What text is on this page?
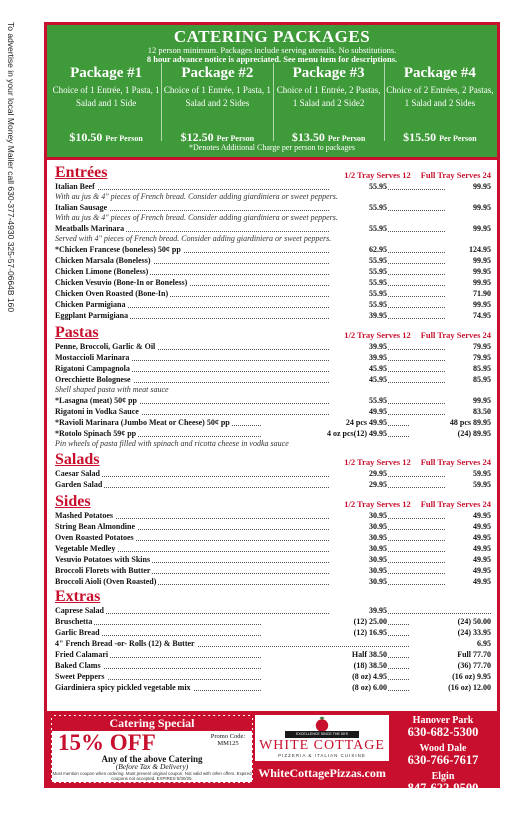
To advertise in your local Money Mailer call 630-377-4930 325-57-0664B 160	CATERING PACKAGES
12 person minimum. Packages include serving utensils. No substitutions.
8 hour advance notice is appreciated. See menu item for descriptions.
Package #1
Choice of 1 Entrée, 1 Pasta, 1 Salad and 1 Side
$10.50 Per Person
Package #2
Choice of 1 Entrée, 1 Pasta, 1 Salad and 2 Sides
$12.50 Per Person
Package #3
Choice of 1 Entrée, 2 Pastas, 1 Salad and 2 Side2
$13.50 Per Person
Package #4
Choice of 2 Entrées, 2 Pastas, 1 Salad and 2 Sides
$15.50 Per Person
*Denotes Additional Charge per person to packages
Entrées	1/2 Tray Serves 12 Full Tray Serves 24
Italian Beef	55.95	99.95
With au jus & 4" pieces of French bread. Consider adding giardiniera or sweet peppers.
Italian Sausage	55.95	99.95
With au jus & 4" pieces of French bread. Consider adding giardiniera or sweet peppers.
Meatballs Marinara	55.95	99.95
Served with 4" pieces of French bread. Consider adding giardiniera or sweet peppers.
*Chicken Francese (boneless) 50¢ pp	62.95	124.95
Chicken Marsala (Boneless)	55.95	99.95
Chicken Limone (Boneless)	55.95	99.95
Chicken Vesuvio (Bone-In or Boneless)	55.95	99.95
Chicken Oven Roasted (Bone-In)	55.95	71.90
Chicken Parmigiana	55.95	99.95
Eggplant Parmigiana	39.95	74.95
Pastas	1/2 Tray Serves 12 Full Tray Serves 24
Penne, Broccoli, Garlic & Oil	39.95	79.95
Mostaccioli Marinara	39.95	79.95
Rigatoni Campagnola	45.95	85.95
Orecchiette Bolognese	45.95	85.95
Shell shaped pasta with meat sauce
*Lasagna (meat) 50¢ pp	55.95	99.95
Rigatoni in Vodka Sauce	49.95	83.50
*Ravioli Marinara (Jumbo Meat or Cheese) 50¢ pp	24 pcs 49.95	48 pcs 89.95
*Rotolo Spinach 59¢ pp	4 oz pcs(12) 49.95	(24) 89.95
Pin wheels of pasta filled with spinach and ricotta cheese in vodka sauce
Salads	1/2 Tray Serves 12 Full Tray Serves 24
Caesar Salad	29.95	59.95
Garden Salad	29.95	59.95
Sides	1/2 Tray Serves 12 Full Tray Serves 24
Mashed Potatoes	30.95	49.95
String Bean Almondine	30.95	49.95
Oven Roasted Potatoes	30.95	49.95
Vegetable Medley	30.95	49.95
Vesuvio Potatoes with Skins	30.95	49.95
Broccoli Florets with Butter	30.95	49.95
Broccoli Aioli (Oven Roasted)	30.95	49.95
Extras
Caprese Salad	39.95
Bruschetta	(12) 25.00	(24) 50.00
Garlic Bread	(12) 16.95	(24) 33.95
4" French Bread -or- Rolls (12) & Butter	6.95
Fried Calamari	Half 38.50	Full 77.70
Baked Clams	(18) 38.50	(36) 77.70
Sweet Peppers	(8 oz) 4.95	(16 oz) 9.95
Giardiniera spicy pickled vegetable mix	(8 oz) 6.00	(16 oz) 12.00
Catering Special
15% OFF	Promo Code:
MM125
Any of the above Catering
(Before Tax & Delivery)
Must mention coupon when ordering. Must present original coupon. Not valid with other offers. Expired coupons not accepted. EXPIRES 9/30/25.
EXCELLENCE SINCE THE 50'S
WHITE COTTAGE
PIZZERIA & ITALIAN CUISINE
WhiteCottagePizzas.com
Hanover Park
630-682-5300
Wood Dale
630-766-7617
Elgin
847-622-9500
